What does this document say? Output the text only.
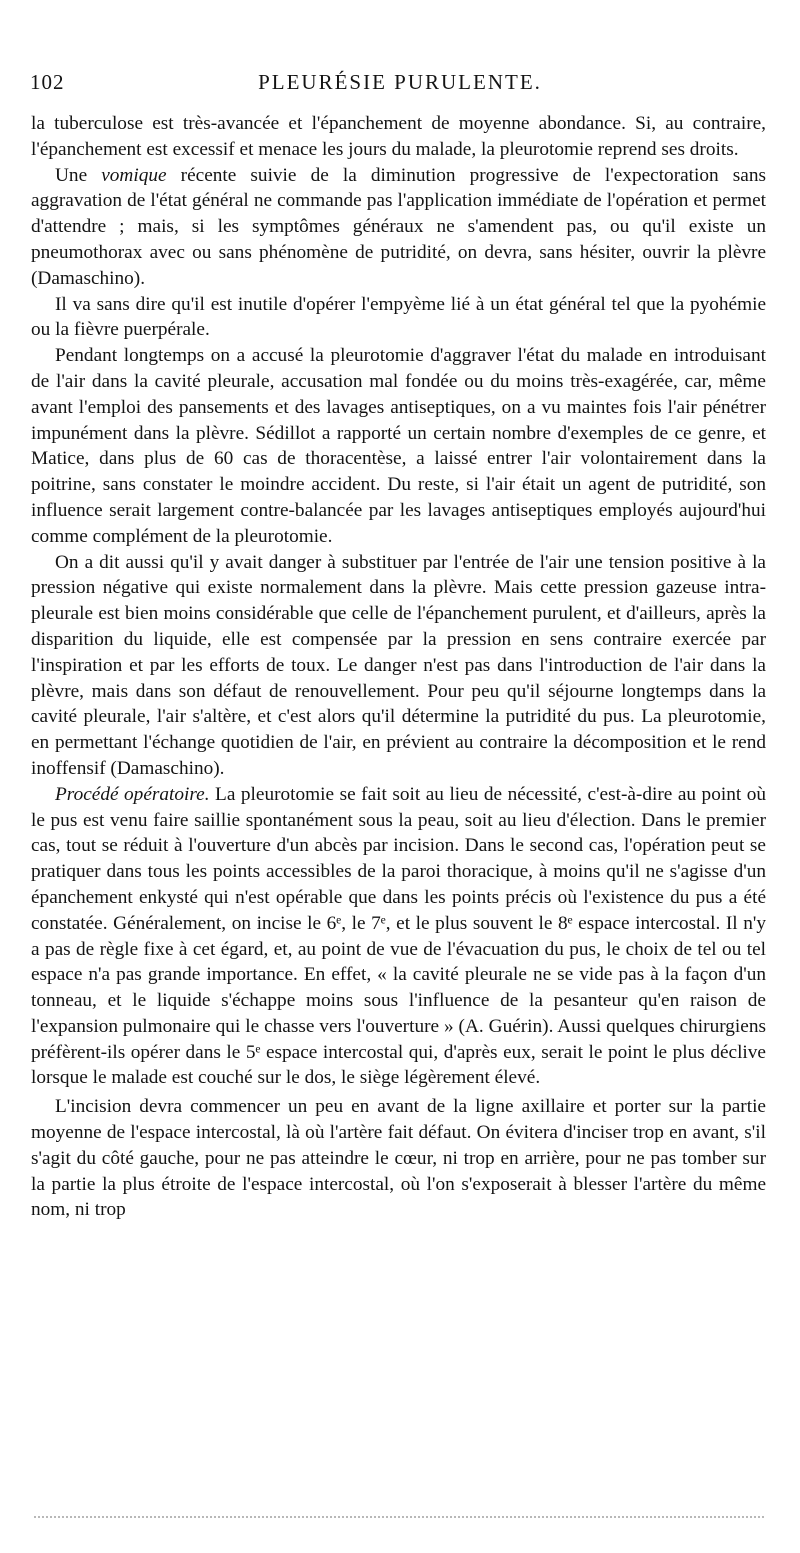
102	PLEURÉSIE PURULENTE.

la tuberculose est très-avancée et l'épanchement de moyenne abondance. Si, au contraire, l'épanchement est excessif et menace les jours du malade, la pleurotomie reprend ses droits.

Une vomique récente suivie de la diminution progressive de l'expectoration sans aggravation de l'état général ne commande pas l'application immédiate de l'opération et permet d'attendre ; mais, si les symptômes généraux ne s'amendent pas, ou qu'il existe un pneumothorax avec ou sans phénomène de putridité, on devra, sans hésiter, ouvrir la plèvre (Damaschino).

Il va sans dire qu'il est inutile d'opérer l'empyème lié à un état général tel que la pyohémie ou la fièvre puerpérale.

Pendant longtemps on a accusé la pleurotomie d'aggraver l'état du malade en introduisant de l'air dans la cavité pleurale, accusation mal fondée ou du moins très-exagérée, car, même avant l'emploi des pansements et des lavages antiseptiques, on a vu maintes fois l'air pénétrer impunément dans la plèvre. Sédillot a rapporté un certain nombre d'exemples de ce genre, et Matice, dans plus de 60 cas de thoracentèse, a laissé entrer l'air volontairement dans la poitrine, sans constater le moindre accident. Du reste, si l'air était un agent de putridité, son influence serait largement contre-balancée par les lavages antiseptiques employés aujourd'hui comme complément de la pleurotomie.

On a dit aussi qu'il y avait danger à substituer par l'entrée de l'air une tension positive à la pression négative qui existe normalement dans la plèvre. Mais cette pression gazeuse intra-pleurale est bien moins considérable que celle de l'épanchement purulent, et d'ailleurs, après la disparition du liquide, elle est compensée par la pression en sens contraire exercée par l'inspiration et par les efforts de toux. Le danger n'est pas dans l'introduction de l'air dans la plèvre, mais dans son défaut de renouvellement. Pour peu qu'il séjourne longtemps dans la cavité pleurale, l'air s'altère, et c'est alors qu'il détermine la putridité du pus. La pleurotomie, en permettant l'échange quotidien de l'air, en prévient au contraire la décomposition et le rend inoffensif (Damaschino).

Procédé opératoire. La pleurotomie se fait soit au lieu de nécessité, c'est-à-dire au point où le pus est venu faire saillie spontanément sous la peau, soit au lieu d'élection. Dans le premier cas, tout se réduit à l'ouverture d'un abcès par incision. Dans le second cas, l'opération peut se pratiquer dans tous les points accessibles de la paroi thoracique, à moins qu'il ne s'agisse d'un épanchement enkysté qui n'est opérable que dans les points précis où l'existence du pus a été constatée. Généralement, on incise le 6ᵉ, le 7ᵉ, et le plus souvent le 8ᵉ espace intercostal. Il n'y a pas de règle fixe à cet égard, et, au point de vue de l'évacuation du pus, le choix de tel ou tel espace n'a pas grande importance. En effet, « la cavité pleurale ne se vide pas à la façon d'un tonneau, et le liquide s'échappe moins sous l'influence de la pesanteur qu'en raison de l'expansion pulmonaire qui le chasse vers l'ouverture » (A. Guérin). Aussi quelques chirurgiens préfèrent-ils opérer dans le 5ᵉ espace intercostal qui, d'après eux, serait le point le plus déclive lorsque le malade est couché sur le dos, le siège légèrement élevé.

L'incision devra commencer un peu en avant de la ligne axillaire et porter sur la partie moyenne de l'espace intercostal, là où l'artère fait défaut. On évitera d'inciser trop en avant, s'il s'agit du côté gauche, pour ne pas atteindre le cœur, ni trop en arrière, pour ne pas tomber sur la partie la plus étroite de l'espace intercostal, où l'on s'exposerait à blesser l'artère du même nom, ni trop
